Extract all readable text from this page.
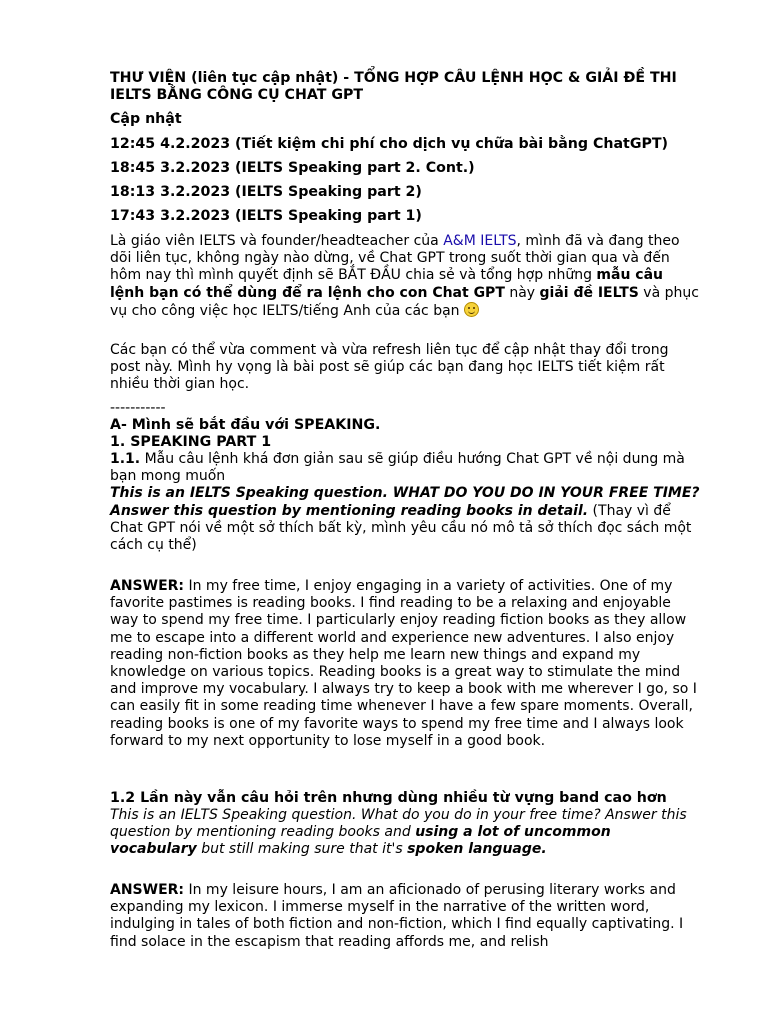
THƯ VIỆN (liên tục cập nhật) - TỔNG HỢP CÂU LỆNH HỌC & GIẢI ĐỀ THI IELTS BẰNG CÔNG CỤ CHAT GPT

Cập nhật

12:45 4.2.2023 (Tiết kiệm chi phí cho dịch vụ chữa bài bằng ChatGPT)

18:45 3.2.2023 (IELTS Speaking part 2. Cont.)

18:13 3.2.2023 (IELTS Speaking part 2)

17:43 3.2.2023 (IELTS Speaking part 1)

Là giáo viên IELTS và founder/headteacher của A&M IELTS, mình đã và đang theo dõi liên tục, không ngày nào dừng, về Chat GPT trong suốt thời gian qua và đến hôm nay thì mình quyết định sẽ BẮT ĐẦU chia sẻ và tổng hợp những mẫu câu lệnh bạn có thể dùng để ra lệnh cho con Chat GPT này giải đề IELTS và phục vụ cho công việc học IELTS/tiếng Anh của các bạn

Các bạn có thể vừa comment và vừa refresh liên tục để cập nhật thay đổi trong post này. Mình hy vọng là bài post sẽ giúp các bạn đang học IELTS tiết kiệm rất nhiều thời gian học.

-----------

A- Mình sẽ bắt đầu với SPEAKING.

1. SPEAKING PART 1

1.1. Mẫu câu lệnh khá đơn giản sau sẽ giúp điều hướng Chat GPT về nội dung mà bạn mong muốn
This is an IELTS Speaking question. WHAT DO YOU DO IN YOUR FREE TIME? Answer this question by mentioning reading books in detail. (Thay vì để Chat GPT nói về một sở thích bất kỳ, mình yêu cầu nó mô tả sở thích đọc sách một cách cụ thể)

ANSWER: In my free time, I enjoy engaging in a variety of activities. One of my favorite pastimes is reading books. I find reading to be a relaxing and enjoyable way to spend my free time. I particularly enjoy reading fiction books as they allow me to escape into a different world and experience new adventures. I also enjoy reading non-fiction books as they help me learn new things and expand my knowledge on various topics. Reading books is a great way to stimulate the mind and improve my vocabulary. I always try to keep a book with me wherever I go, so I can easily fit in some reading time whenever I have a few spare moments. Overall, reading books is one of my favorite ways to spend my free time and I always look forward to my next opportunity to lose myself in a good book.

1.2 Lần này vẫn câu hỏi trên nhưng dùng nhiều từ vựng band cao hơn

This is an IELTS Speaking question. What do you do in your free time? Answer this question by mentioning reading books and using a lot of uncommon vocabulary but still making sure that it's spoken language.

ANSWER: In my leisure hours, I am an aficionado of perusing literary works and expanding my lexicon. I immerse myself in the narrative of the written word, indulging in tales of both fiction and non-fiction, which I find equally captivating. I find solace in the escapism that reading affords me, and relish
